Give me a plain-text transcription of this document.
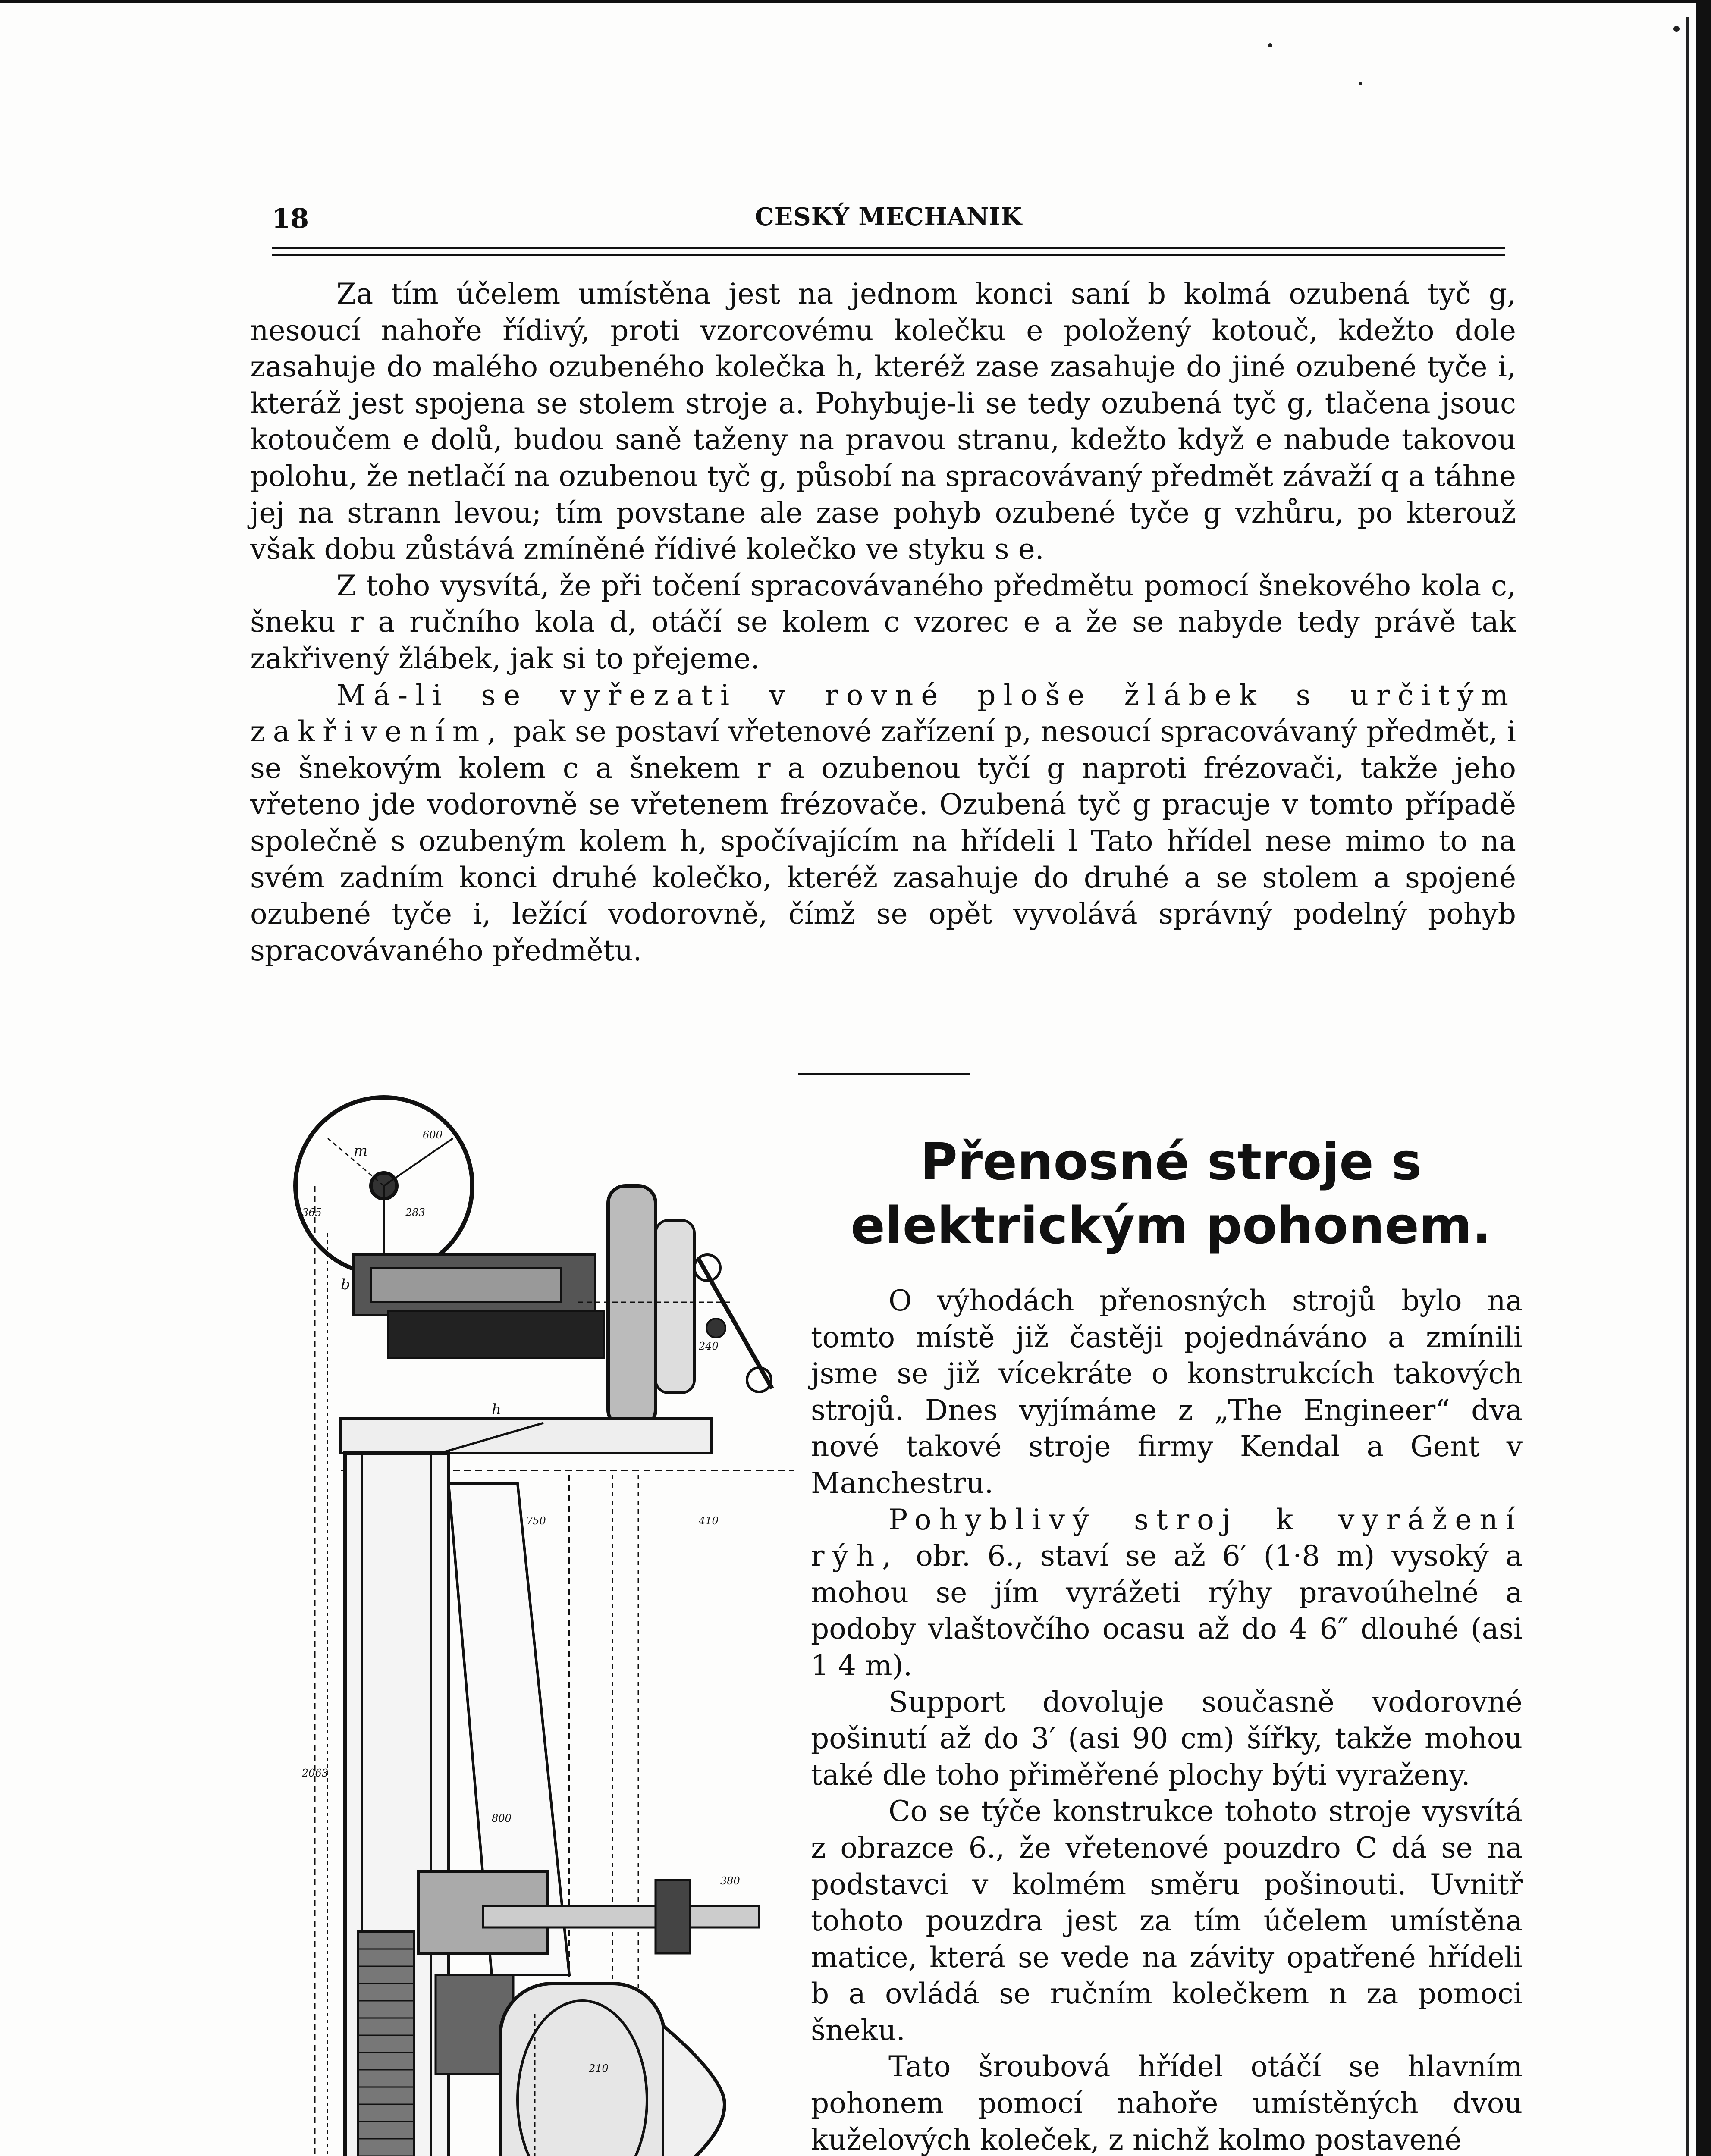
18	CESKÝ MECHANIK

Za tím účelem umístěna jest na jednom konci saní b kolmá ozubená tyč g, nesoucí nahoře řídivý, proti vzorcovému kolečku e položený kotouč, kdežto dole zasahuje do malého ozubeného kolečka h, kteréž zase zasahuje do jiné ozubené tyče i, kteráž jest spojena se stolem stroje a. Pohybuje-li se tedy ozubená tyč g, tlačena jsouc kotoučem e dolů, budou saně taženy na pravou stranu, kdežto když e nabude takovou polohu, že netlačí na ozubenou tyč g, působí na spracovávaný předmět závaží q a táhne jej na strann levou; tím povstane ale zase pohyb ozubené tyče g vzhůru, po kterouž však dobu zůstává zmíněné řídivé kolečko ve styku s e.

Z toho vysvítá, že při točení spracovávaného předmětu pomocí šnekového kola c, šneku r a ručního kola d, otáčí se kolem c vzorec e a že se nabyde tedy právě tak zakřivený žlábek, jak si to přejeme.

Má-li se vyřezati v rovné ploše žlábek s určitým zakřivením, pak se postaví vřetenové zařízení p, nesoucí spracovávaný předmět, i se šnekovým kolem c a šnekem r a ozubenou tyčí g naproti frézovači, takže jeho vřeteno jde vodorovně se vřetenem frézovače. Ozubená tyč g pracuje v tomto případě společně s ozubeným kolem h, spočívajícím na hřídeli l Tato hřídel nese mimo to na svém zadním konci druhé kolečko, kteréž zasahuje do druhé a se stolem a spojené ozubené tyče i, ležící vodorovně, čímž se opět vyvolává správný podelný pohyb spracovávaného předmětu.

m
b
h
600
283
750	410
800
380
210
2063
365
240
Přenosné stroje s elektrickým pohonem.

O výhodách přenosných strojů bylo na tomto místě již častěji pojednáváno a zmínili jsme se již vícekráte o konstrukcích takových strojů. Dnes vyjímáme z „The Engineer“ dva nové takové stroje firmy Kendal a Gent v Manchestru.

Pohyblivý stroj k vyrážení rýh, obr. 6., staví se až 6′ (1·8 m) vysoký a mohou se jím vyrážeti rýhy pravoúhelné a podoby vlaštovčího ocasu až do 4 6″ dlouhé (asi 1 4 m).

Support dovoluje současně vodorovné pošinutí až do 3′ (asi 90 cm) šířky, takže mohou také dle toho přiměřené plochy býti vyraženy.

Co se týče konstrukce tohoto stroje vysvítá z obrazce 6., že vřetenové pouzdro C dá se na podstavci v kolmém směru pošinouti. Uvnitř tohoto pouzdra jest za tím účelem umístěna matice, která se vede na závity opatřené hřídeli b a ovládá se ručním kolečkem n za pomoci šneku.

Tato šroubová hřídel otáčí se hlavním pohonem pomocí nahoře umístěných dvou kuželových koleček, z nichž kolmo postavené
